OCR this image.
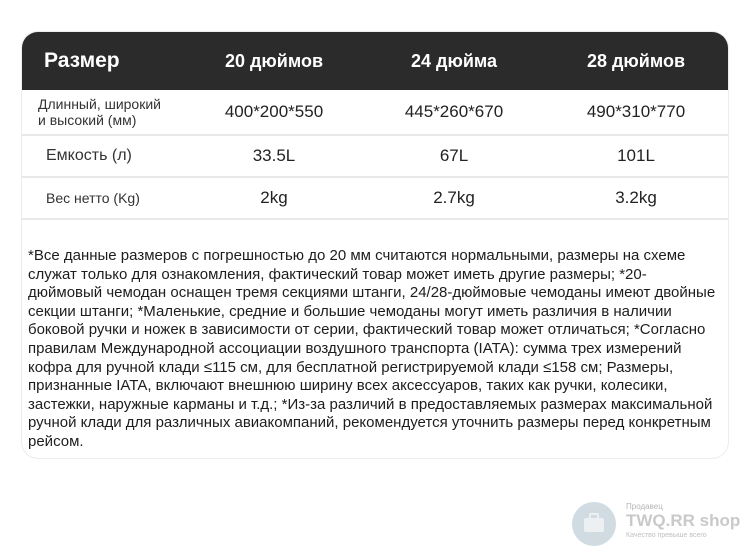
Размер	20 дюймов	24 дюйма	28 дюймов
Длинный, широкий
и высокий (мм)	400*200*550	445*260*670	490*310*770
Емкость (л)	33.5L	67L	101L
Вес нетто (Kg)	2kg	2.7kg	3.2kg
*Все данные размеров с погрешностью до 20 мм считаются нормальными, размеры на схеме служат только для ознакомления, фактический товар может иметь другие размеры; *20-дюймовый чемодан оснащен тремя секциями штанги, 24/28-дюймовые чемоданы имеют двойные секции штанги; *Маленькие, средние и большие чемоданы могут иметь различия в наличии боковой ручки и ножек в зависимости от серии, фактический товар может отличаться; *Согласно правилам Международной ассоциации воздушного транспорта (IATA): сумма трех измерений кофра для ручной клади ≤115 см, для бесплатной регистрируемой клади ≤158 см; Размеры, признанные IATA, включают внешнюю ширину всех аксессуаров, таких как ручки, колесики, застежки, наружные карманы и т.д.; *Из-за различий в предоставляемых размерах максимальной ручной клади для различных авиакомпаний, рекомендуется уточнить размеры перед конкретным рейсом.
Продавец
TWQ.RR shop
Качество превыше всего
